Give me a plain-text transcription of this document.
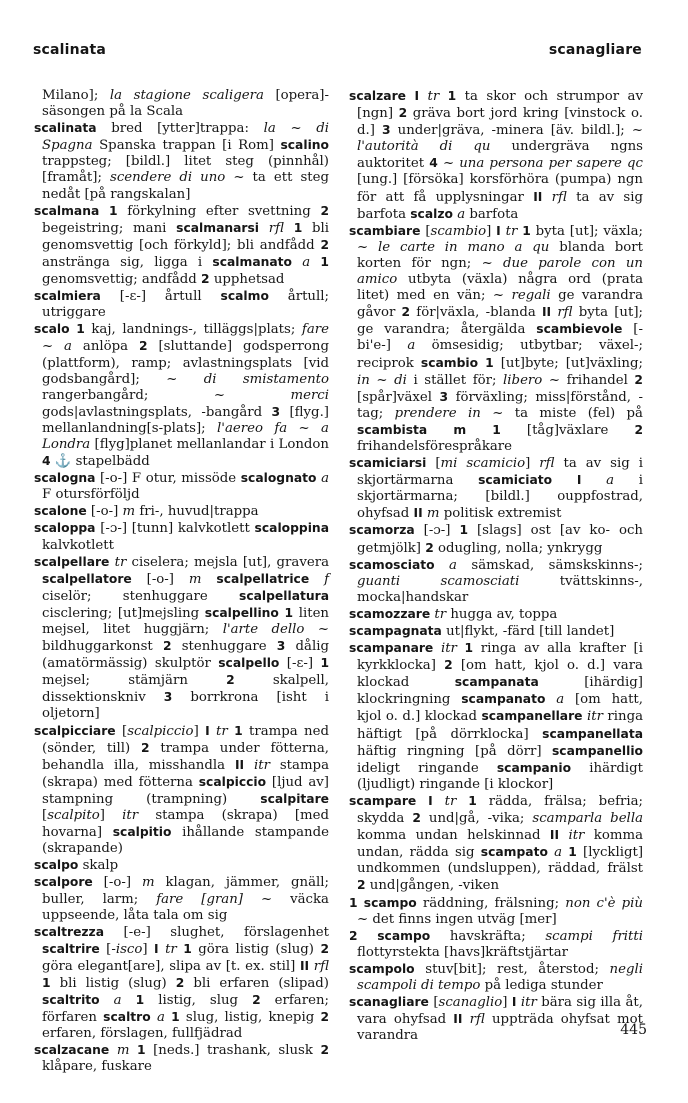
scalinata	scanagliare

Milano]; la stagione scaligera [opera]-säsongen på la Scala

scalinata bred [ytter]trappa: la ~ di Spagna Spanska trappan [i Rom] scalino trappsteg; [bildl.] litet steg (pinnhål) [framåt]; scendere di uno ~ ta ett steg nedåt [på rangskalan]

scalmana 1 förkylning efter svettning 2 begeistring; mani scalmanarsi rfl 1 bli genomsvettig [och förkyld]; bli andfådd 2 anstränga sig, ligga i scalmanato a 1 genomsvettig; andfådd 2 upphetsad

scalmiera [-ɛ-] årtull scalmo årtull; utriggare

scalo 1 kaj, landnings-, tilläggs|plats; fare ~ a anlöpa 2 [sluttande] godsperrong (plattform), ramp; avlastningsplats [vid godsbangård]; ~ di smistamento rangerbangård; ~ merci gods|avlastningsplats, -bangård 3 [flyg.] mellanlandning[s-plats]; l'aereo fa ~ a Londra [flyg]planet mellanlandar i London 4 ⚓ stapelbädd

scalogna [-o-] F otur, missöde scalognato a F otursförföljd

scalone [-o-] m fri-, huvud|trappa

scaloppa [-ɔ-] [tunn] kalvkotlett scaloppina kalvkotlett

scalpellare tr ciselera; mejsla [ut], gravera scalpellatore [-o-] m scalpellatrice f ciselör; stenhuggare scalpellatura cisclering; [ut]mejsling scalpellino 1 liten mejsel, litet huggjärn; l'arte dello ~ bildhuggarkonst 2 stenhuggare 3 dålig (amatörmässig) skulptör scalpello [-ɛ-] 1 mejsel; stämjärn 2 skalpell, dissektionskniv 3 borrkrona [isht i oljetorn]

scalpicciare [scalpiccio] I tr 1 trampa ned (sönder, till) 2 trampa under fötterna, behandla illa, misshandla II itr stampa (skrapa) med fötterna scalpiccio [ljud av] stampning (trampning) scalpitare [scalpito] itr stampa (skrapa) [med hovarna] scalpitio ihållande stampande (skrapande)

scalpo skalp

scalpore [-o-] m klagan, jämmer, gnäll; buller, larm; fare [gran] ~ väcka uppseende, låta tala om sig

scaltrezza [-e-] slughet, förslagenhet scaltrire [-isco] I tr 1 göra listig (slug) 2 göra elegant[are], slipa av [t. ex. stil] II rfl 1 bli listig (slug) 2 bli erfaren (slipad) scaltrito a 1 listig, slug 2 erfaren; förfaren scaltro a 1 slug, listig, knepig 2 erfaren, förslagen, fullfjädrad

scalzacane m 1 [neds.] trashank, slusk 2 klåpare, fuskare

scalzare I tr 1 ta skor och strumpor av [ngn] 2 gräva bort jord kring [vinstock o. d.] 3 under|gräva, -minera [äv. bildl.]; ~ l'autorità di qu undergräva ngns auktoritet 4 ~ una persona per sapere qc [ung.] [försöka] korsförhöra (pumpa) ngn för att få upplysningar II rfl ta av sig barfota scalzo a barfota

scambiare [scambio] I tr 1 byta [ut]; växla; ~ le carte in mano a qu blanda bort korten för ngn; ~ due parole con un amico utbyta (växla) några ord (prata litet) med en vän; ~ regali ge varandra gåvor 2 för|växla, -blanda II rfl byta [ut]; ge varandra; återgälda scambievole [-bi'e-] a ömsesidig; utbytbar; växel-; reciprok scambio 1 [ut]byte; [ut]växling; in ~ di i stället för; libero ~ frihandel 2 [spår]växel 3 förväxling; miss|förstånd, -tag; prendere in ~ ta miste (fel) på scambista m 1 [tåg]växlare 2 frihandelsförespråkare

scamiciarsi [mi scamicio] rfl ta av sig i skjortärmarna scamiciato I a i skjortärmarna; [bildl.] ouppfostrad, ohyfsad II m politisk extremist

scamorza [-ɔ-] 1 [slags] ost [av ko- och getmjölk] 2 odugling, nolla; ynkrygg

scamosciato a sämskad, sämskskinns-; guanti scamosciati tvättskinns-, mocka|handskar

scamozzare tr hugga av, toppa

scampagnata ut|flykt, -färd [till landet]

scampanare itr 1 ringa av alla krafter [i kyrkklocka] 2 [om hatt, kjol o. d.] vara klockad scampanata [ihärdig] klockringning scampanato a [om hatt, kjol o. d.] klockad scampanellare itr ringa häftigt [på dörrklocka] scampanellata häftig ringning [på dörr] scampanellio ideligt ringande scampanio ihärdigt (ljudligt) ringande [i klockor]

scampare I tr 1 rädda, frälsa; befria; skydda 2 und|gå, -vika; scamparla bella komma undan helskinnad II itr komma undan, rädda sig scampato a 1 [lyckligt] undkommen (undsluppen), räddad, frälst 2 und|gången, -viken

1 scampo räddning, frälsning; non c'è più ~ det finns ingen utväg [mer]

2 scampo havskräfta; scampi fritti flottyrstekta [havs]kräftstjärtar

scampolo stuv[bit]; rest, återstod; negli scampoli di tempo på lediga stunder

scanagliare [scanaglio] I itr bära sig illa åt, vara ohyfsad II rfl uppträda ohyfsat mot varandra	445
